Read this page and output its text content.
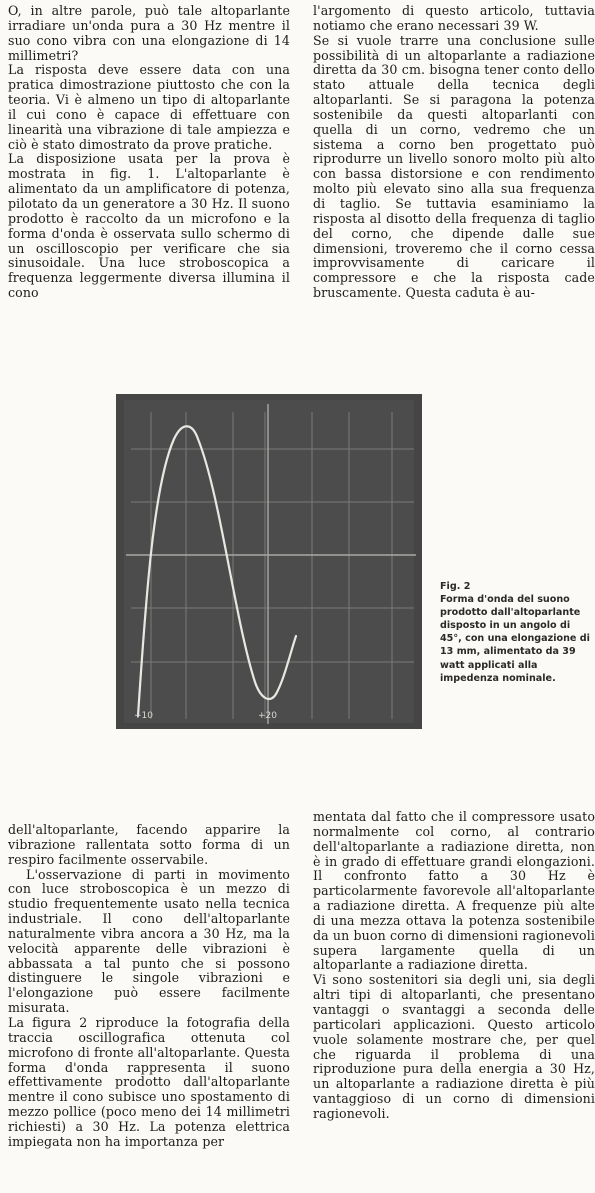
O, in altre parole, può tale altoparlante irradiare un'onda pura a 30 Hz mentre il suo cono vibra con una elongazione di 14 millimetri?

La risposta deve essere data con una pratica dimostrazione piuttosto che con la teoria. Vi è almeno un tipo di altoparlante il cui cono è capace di effettuare con linearità una vibrazione di tale ampiezza e ciò è stato dimostrato da prove pratiche.

La disposizione usata per la prova è mostrata in fig. 1. L'altoparlante è alimentato da un amplificatore di potenza, pilotato da un generatore a 30 Hz. Il suono prodotto è raccolto da un microfono e la forma d'onda è osservata sullo schermo di un oscilloscopio per verificare che sia sinusoidale. Una luce stroboscopica a frequenza leggermente diversa illumina il cono

l'argomento di questo articolo, tuttavia notiamo che erano necessari 39 W.

Se si vuole trarre una conclusione sulle possibilità di un altoparlante a radiazione diretta da 30 cm. bisogna tener conto dello stato attuale della tecnica degli altoparlanti. Se si paragona la potenza sostenibile da questi altoparlanti con quella di un corno, vedremo che un sistema a corno ben progettato può riprodurre un livello sonoro molto più alto con bassa distorsione e con rendimento molto più elevato sino alla sua frequenza di taglio. Se tuttavia esaminiamo la risposta al disotto della frequenza di taglio del corno, che dipende dalle sue dimensioni, troveremo che il corno cessa improvvisamente di caricare il compressore e che la risposta cade bruscamente. Questa caduta è au-

+10	+20
Fig. 2
Forma d'onda del suono prodotto dall'altoparlante disposto in un angolo di 45°, con una elongazione di 13 mm, alimentato da 39 watt applicati alla impedenza nominale.

dell'altoparlante, facendo apparire la vibrazione rallentata sotto forma di un respiro facilmente osservabile.

L'osservazione di parti in movimento con luce stroboscopica è un mezzo di studio frequentemente usato nella tecnica industriale. Il cono dell'altoparlante naturalmente vibra ancora a 30 Hz, ma la velocità apparente delle vibrazioni è abbassata a tal punto che si possono distinguere le singole vibrazioni e l'elongazione può essere facilmente misurata.

La figura 2 riproduce la fotografia della traccia oscillografica ottenuta col microfono di fronte all'altoparlante. Questa forma d'onda rappresenta il suono effettivamente prodotto dall'altoparlante mentre il cono subisce uno spostamento di mezzo pollice (poco meno dei 14 millimetri richiesti) a 30 Hz. La potenza elettrica impiegata non ha importanza per

mentata dal fatto che il compressore usato normalmente col corno, al contrario dell'altoparlante a radiazione diretta, non è in grado di effettuare grandi elongazioni. Il confronto fatto a 30 Hz è particolarmente favorevole all'altoparlante a radiazione diretta. A frequenze più alte di una mezza ottava la potenza sostenibile da un buon corno di dimensioni ragionevoli supera largamente quella di un altoparlante a radiazione diretta.

Vi sono sostenitori sia degli uni, sia degli altri tipi di altoparlanti, che presentano vantaggi o svantaggi a seconda delle particolari applicazioni. Questo articolo vuole solamente mostrare che, per quel che riguarda il problema di una riproduzione pura della energia a 30 Hz, un altoparlante a radiazione diretta è più vantaggioso di un corno di dimensioni ragionevoli.
